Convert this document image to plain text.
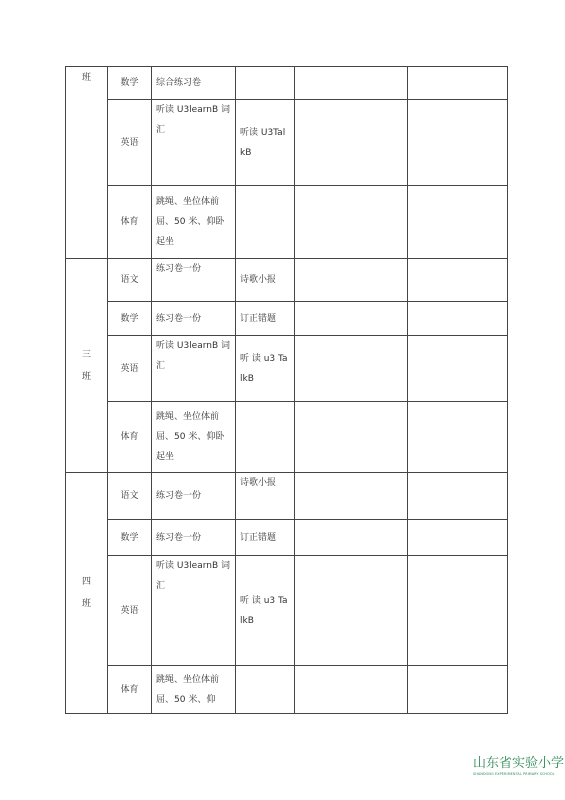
班	数学	综合练习卷			
	英语	听读 U3learnB 词汇	听读 U3TalkB		
	体育	跳绳、坐位体前屈、50 米、仰卧起坐			

三
班	语文	练习卷一份	诗歌小报		
	数学	练习卷一份	订正错题		
	英语	听读 U3learnB 词汇	听 读 u3 TalkB		
	体育	跳绳、坐位体前屈、50 米、仰卧起坐			

四
班	语文	练习卷一份	诗歌小报		
	数学	练习卷一份	订正错题		
	英语	听读 U3learnB 词汇	听 读 u3 TalkB		
	体育	跳绳、坐位体前屈、50 米、仰			
山东省实验小学
SHANDONG EXPERIMENTAL PRIMARY SCHOOL
